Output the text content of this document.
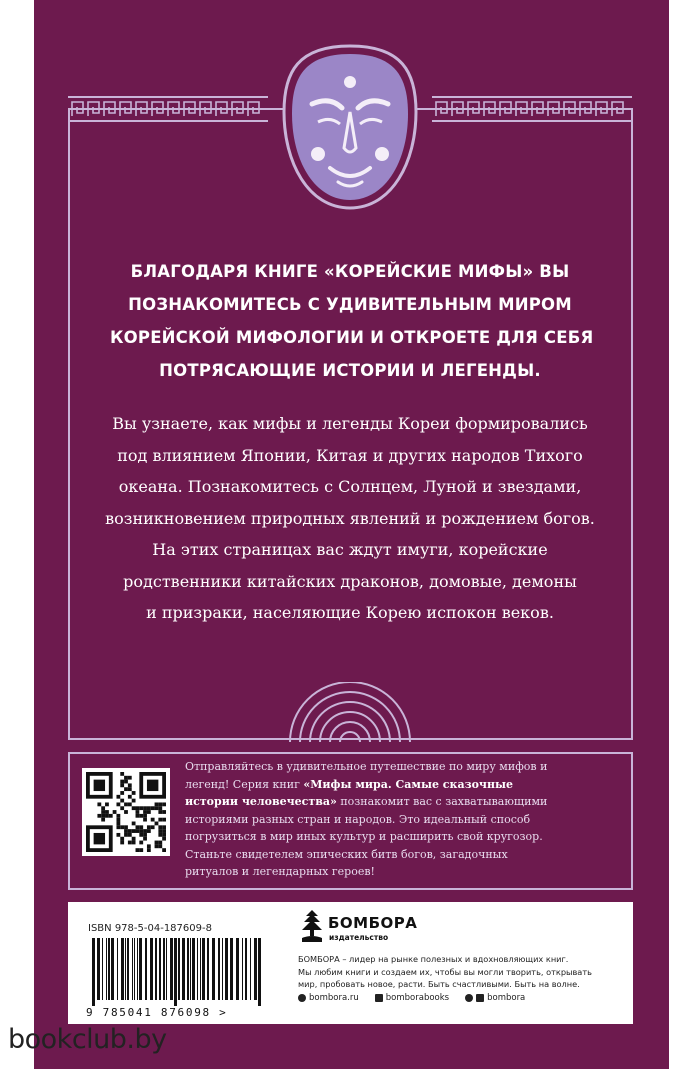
БЛАГОДАРЯ КНИГЕ «КОРЕЙСКИЕ МИФЫ» ВЫ
ПОЗНАКОМИТЕСЬ С УДИВИТЕЛЬНЫМ МИРОМ
КОРЕЙСКОЙ МИФОЛОГИИ И ОТКРОЕТЕ ДЛЯ СЕБЯ
ПОТРЯСАЮЩИЕ ИСТОРИИ И ЛЕГЕНДЫ.
Вы узнаете, как мифы и легенды Кореи формировались
под влиянием Японии, Китая и других народов Тихого
океана. Познакомитесь с Солнцем, Луной и звездами,
возникновением природных явлений и рождением богов.
На этих страницах вас ждут имуги, корейские
родственники китайских драконов, домовые, демоны
и призраки, населяющие Корею испокон веков.
Отправляйтесь в удивительное путешествие по миру мифов и
легенд! Серия книг «Мифы мира. Самые сказочные
истории человечества» познакомит вас с захватывающими
историями разных стран и народов. Это идеальный способ
погрузиться в мир иных культур и расширить свой кругозор.
Станьте свидетелем эпических битв богов, загадочных
ритуалов и легендарных героев!
ISBN 978-5-04-187609-8
9 785041 876098 >
БОМБОРА
издательство
БОМБОРА – лидер на рынке полезных и вдохновляющих книг.
Мы любим книги и создаем их, чтобы вы могли творить, открывать
мир, пробовать новое, расти. Быть счастливыми. Быть на волне.
bombora.ru	bomborabooks	bombora
bookclub.by
